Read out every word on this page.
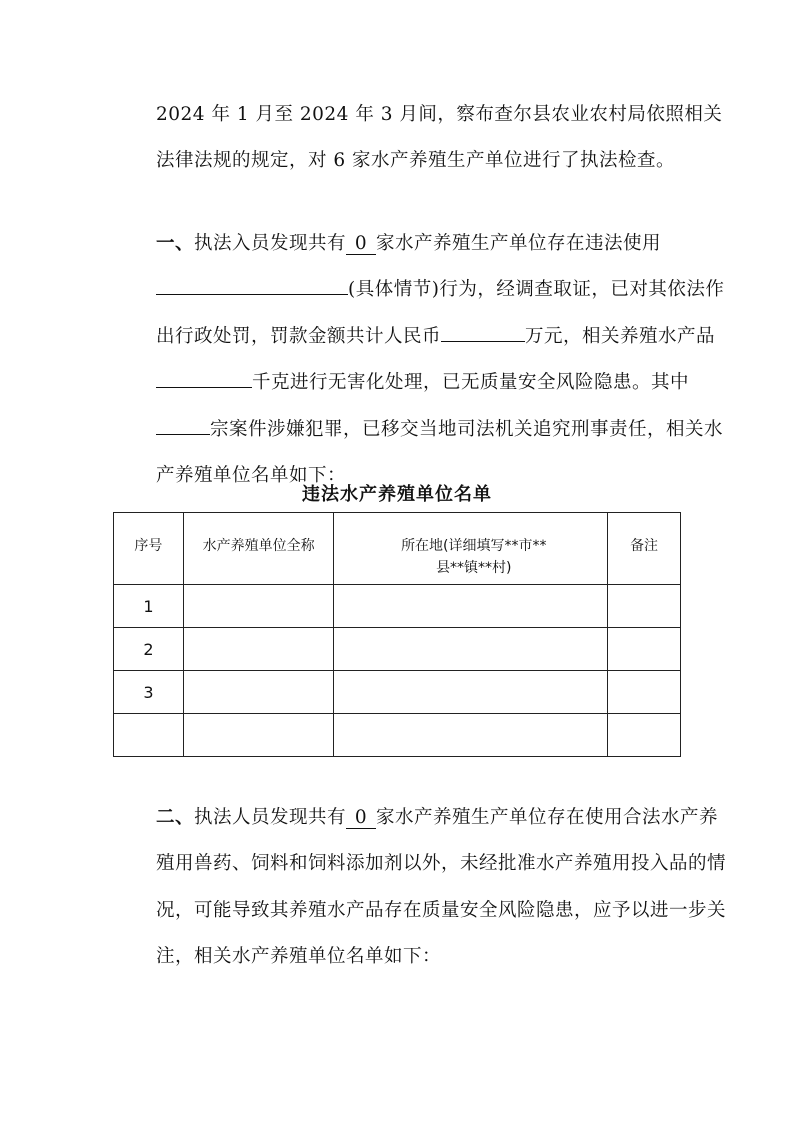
2024 年 1 月至 2024 年 3 月间，察布查尔县农业农村局依照相关法律法规的规定，对 6 家水产养殖生产单位进行了执法检查。

一、执法入员发现共有 0 家水产养殖生产单位存在违法使用(具体情节)行为，经调查取证，已对其依法作出行政处罚，罚款金额共计人民币	万元，相关养殖水产品千克进行无害化处理，已无质量安全风险隐患。其中宗案件涉嫌犯罪，已移交当地司法机关追究刑事责任，相关水产养殖单位名单如下：

违法水产养殖单位名单

序号	水产养殖单位全称	所在地(详细填写**市**县**镇**村)	备注
1			
2			
3			

二、执法人员发现共有 0 家水产养殖生产单位存在使用合法水产养殖用兽药、饲料和饲料添加剂以外，未经批准水产养殖用投入品的情况，可能导致其养殖水产品存在质量安全风险隐患，应予以进一步关注，相关水产养殖单位名单如下：
